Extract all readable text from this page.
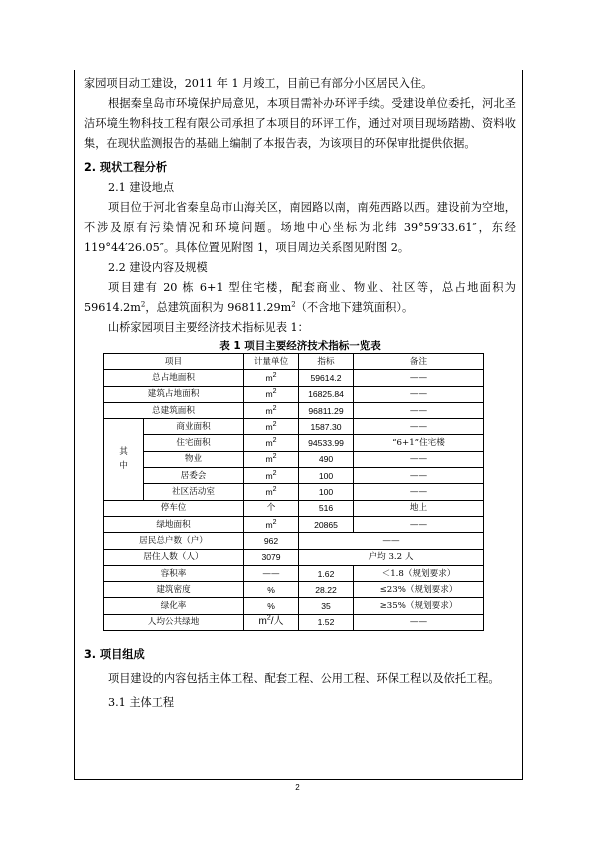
家园项目动工建设，2011 年 1 月竣工，目前已有部分小区居民入住。

根据秦皇岛市环境保护局意见，本项目需补办环评手续。受建设单位委托，河北圣洁环境生物科技工程有限公司承担了本项目的环评工作，通过对项目现场踏勘、资料收集，在现状监测报告的基础上编制了本报告表，为该项目的环保审批提供依据。

2. 现状工程分析

2.1 建设地点

项目位于河北省秦皇岛市山海关区，南园路以南，南苑西路以西。建设前为空地，不涉及原有污染情况和环境问题。场地中心坐标为北纬 39°59′33.61″，东经 119°44′26.05″。具体位置见附图 1，项目周边关系图见附图 2。

2.2 建设内容及规模

项目建有 20 栋 6+1 型住宅楼，配套商业、物业、社区等，总占地面积为 $59614.2m^2$，总建筑面积为 $96811.29m^2$（不含地下建筑面积）。

山桥家园项目主要经济技术指标见表 1：

表 1 项目主要经济技术指标一览表
项目		计量单位	指标	备注
总占地面积		$m^2$	59614.2	——
建筑占地面积		$m^2$	16825.84	——
总建筑面积		$m^2$	96811.29	——
其中	商业面积	$m^2$	1587.30	——
	住宅面积	$m^2$	94533.99	“6+1”住宅楼
	物业	$m^2$	490	——
	居委会	$m^2$	100	——
	社区活动室	$m^2$	100	——
停车位		个	516	地上
绿地面积		$m^2$	20865	——
居民总户数（户）		962	——	
居住人数（人）		3079	户均 3.2 人	
容积率		——	1.62	＜1.8（规划要求）
建筑密度		%	28.22	≤23%（规划要求）
绿化率		%	35	≥35%（规划要求）
人均公共绿地		$m^2/$人	1.52	——

3. 项目组成

项目建设的内容包括主体工程、配套工程、公用工程、环保工程以及依托工程。

3.1 主体工程

2
